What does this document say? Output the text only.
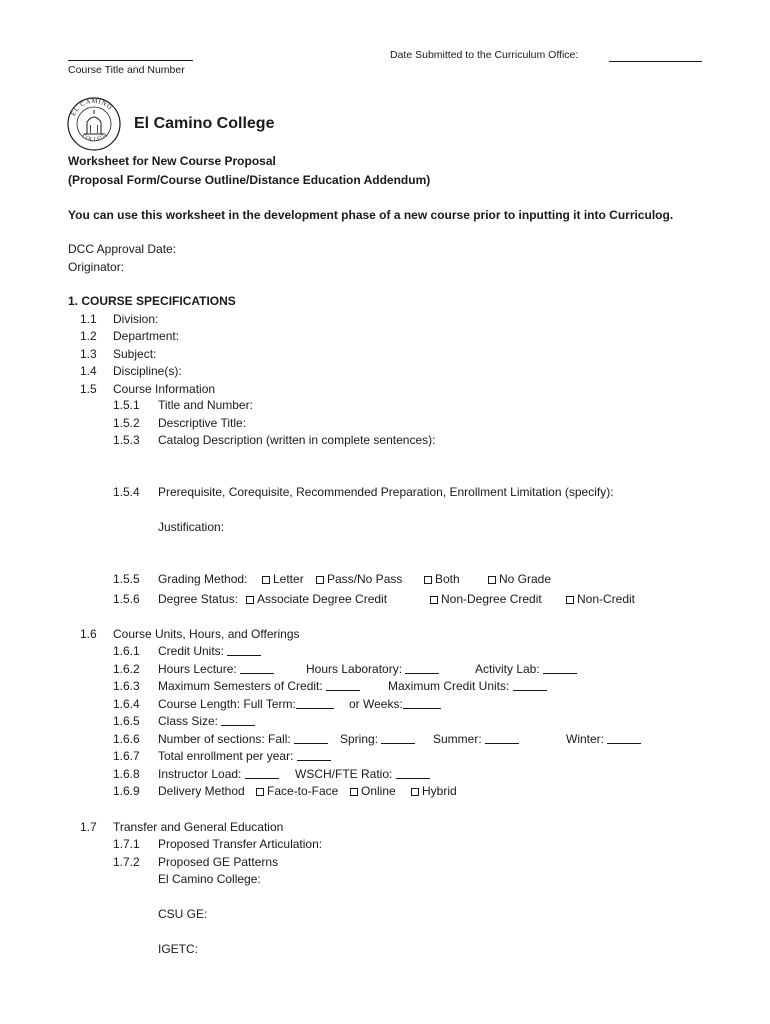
Course Title and Number
Date Submitted to the Curriculum Office:
EL CAMINO
COLLEGE
El Camino College
Worksheet for New Course Proposal
(Proposal Form/Course Outline/Distance Education Addendum)
You can use this worksheet in the development phase of a new course prior to inputting it into Curriculog.
DCC Approval Date:
Originator:
1. COURSE SPECIFICATIONS
1.1 Division:
1.2 Department:
1.3 Subject:
1.4 Discipline(s):
1.5 Course Information
1.5.1 Title and Number:
1.5.2 Descriptive Title:
1.5.3 Catalog Description (written in complete sentences):
1.5.4 Prerequisite, Corequisite, Recommended Preparation, Enrollment Limitation (specify):
Justification:
1.5.5 Grading Method:	Letter	Pass/No Pass	Both	No Grade
1.5.6 Degree Status:	Associate Degree Credit	Non-Degree Credit	Non-Credit
1.6 Course Units, Hours, and Offerings
1.6.1 Credit Units:
1.6.2 Hours Lecture:	Hours Laboratory:	Activity Lab:
1.6.3 Maximum Semesters of Credit:	Maximum Credit Units:
1.6.4 Course Length: Full Term:	or Weeks:
1.6.5 Class Size:
1.6.6 Number of sections: Fall:	Spring:	Summer:	Winter:
1.6.7 Total enrollment per year:
1.6.8 Instructor Load:	WSCH/FTE Ratio:
1.6.9 Delivery Method	Face-to-Face	Online	Hybrid
1.7 Transfer and General Education
1.7.1 Proposed Transfer Articulation:
1.7.2 Proposed GE Patterns
El Camino College:
CSU GE:
IGETC:
